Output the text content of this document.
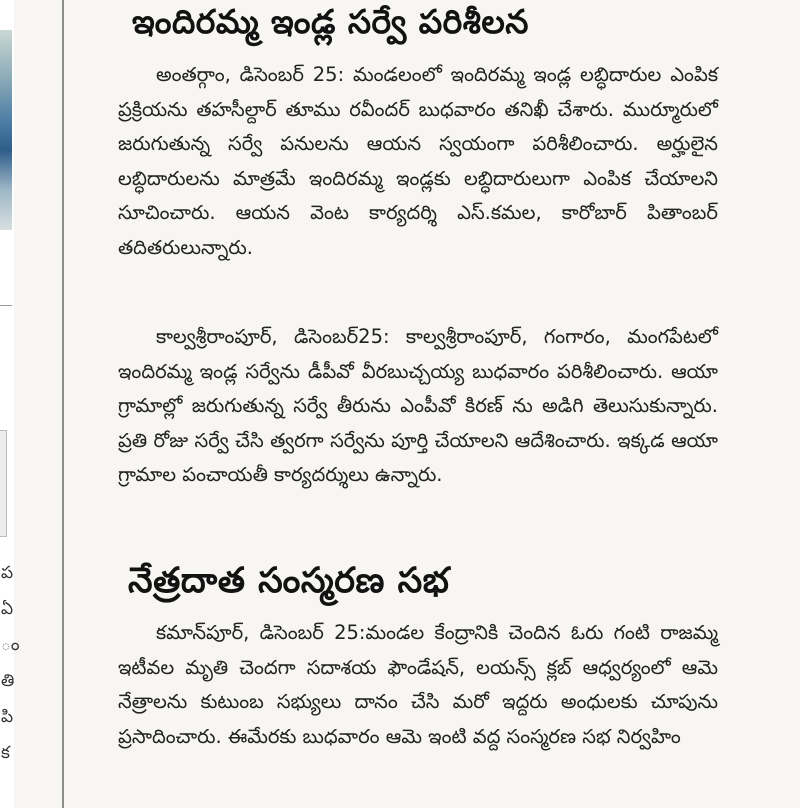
ప
ఏ
ం
తి
పి
క
ఇందిరమ్మ ఇండ్ల సర్వే పరిశీలన

అంతర్గాం, డిసెంబర్ 25: మండలంలో ఇందిరమ్మ ఇండ్ల లబ్ధిదారుల ఎంపిక ప్రక్రియను తహసీల్దార్ తూము రవీందర్ బుధవారం తనిఖీ చేశారు. ముర్మూరులో జరుగుతున్న సర్వే పనులను ఆయన స్వయంగా పరిశీలించారు. అర్హులైన లబ్ధిదారులను మాత్రమే ఇందిరమ్మ ఇండ్లకు లబ్ధిదారులుగా ఎంపిక చేయాలని సూచించారు. ఆయన వెంట కార్యదర్శి ఎస్.కమల, కారోబార్ పితాంబర్ తదితరులున్నారు.

కాల్వశ్రీరాంపూర్, డిసెంబర్25: కాల్వశ్రీరాంపూర్, గంగారం, మంగపేటలో ఇందిరమ్మ ఇండ్ల సర్వేను డీపీవో వీరబుచ్చయ్య బుధవారం పరిశీలించారు. ఆయా గ్రామాల్లో జరుగుతున్న సర్వే తీరును ఎంపీవో కిరణ్ ను అడిగి తెలుసుకున్నారు. ప్రతి రోజు సర్వే చేసి త్వరగా సర్వేను పూర్తి చేయాలని ఆదేశించారు. ఇక్కడ ఆయా గ్రామాల పంచాయతీ కార్యదర్శులు ఉన్నారు.

నేత్రదాత సంస్మరణ సభ

కమాన్‌పూర్, డిసెంబర్ 25:మండల కేంద్రానికి చెందిన ఓరు గంటి రాజమ్మ ఇటీవల మృతి చెందగా సదాశయ ఫౌండేషన్, లయన్స్ క్లబ్ ఆధ్వర్యంలో ఆమె నేత్రాలను కుటుంబ సభ్యులు దానం చేసి మరో ఇద్దరు అంధులకు చూపును ప్రసాదించారు. ఈమేరకు బుధవారం ఆమె ఇంటి వద్ద సంస్మరణ సభ నిర్వహిం
